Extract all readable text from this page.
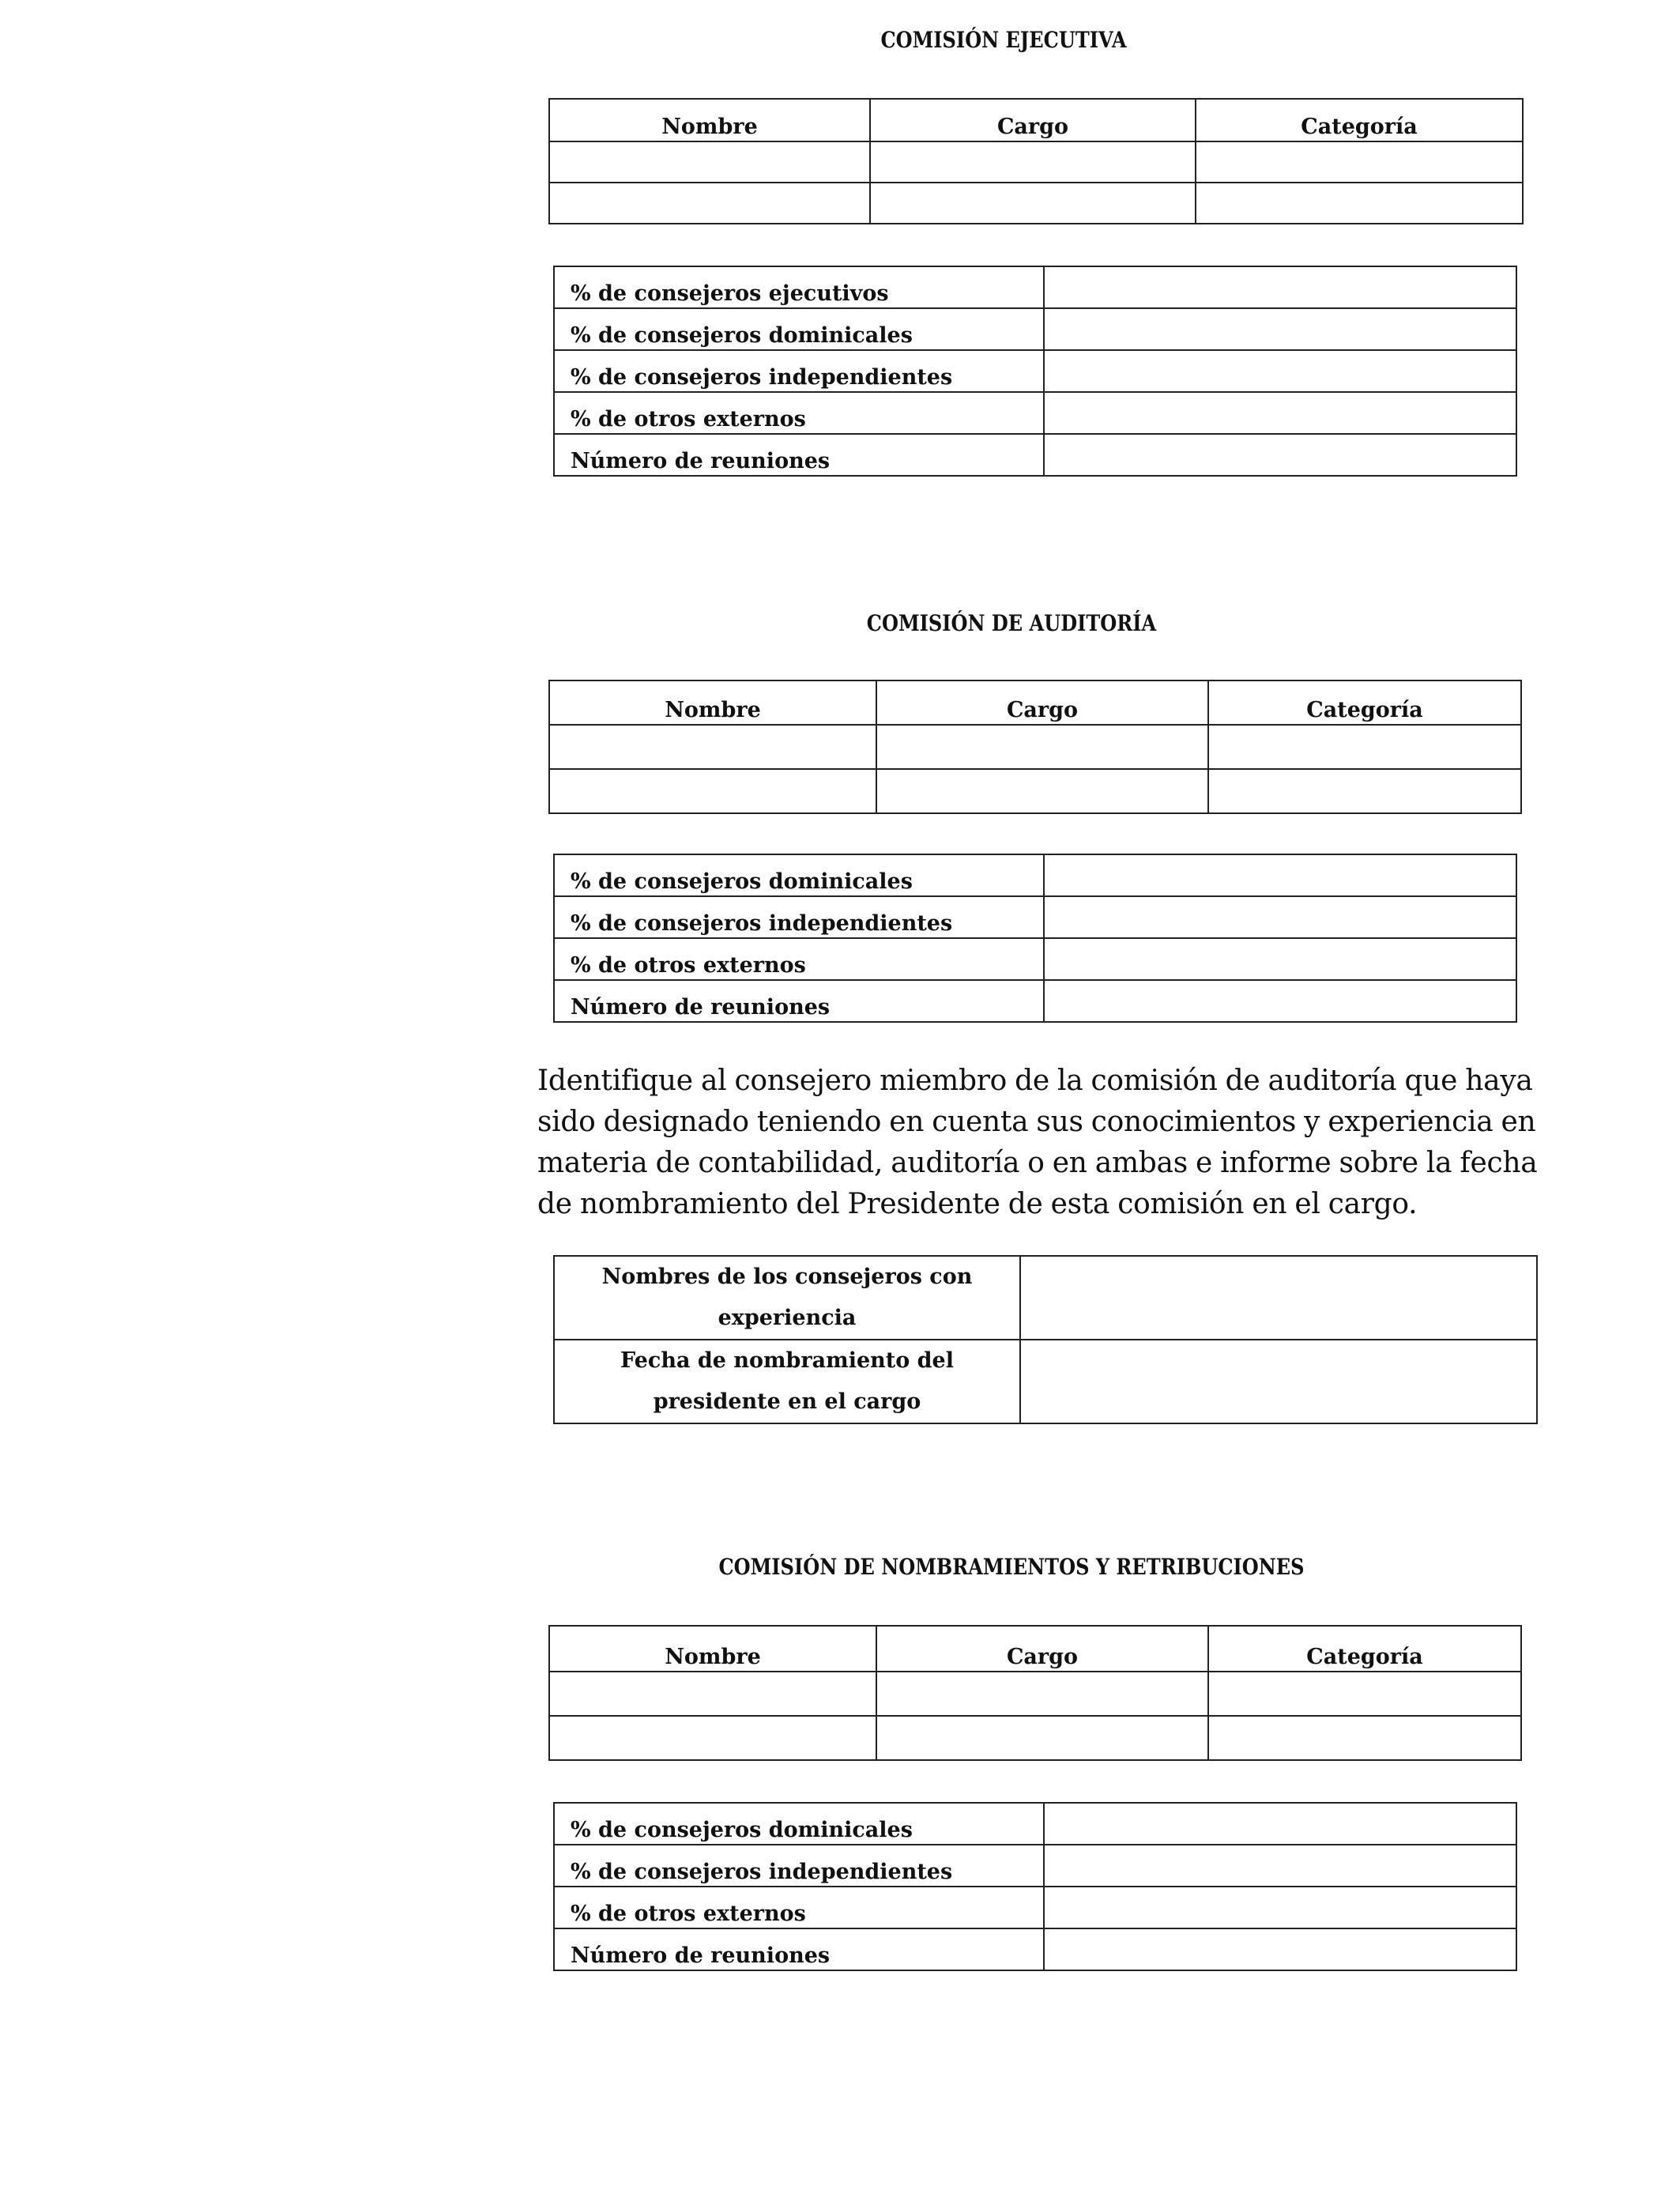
COMISIÓN EJECUTIVA
Nombre	Cargo	Categoría

% de consejeros ejecutivos	
% de consejeros dominicales	
% de consejeros independientes	
% de otros externos	
Número de reuniones	
COMISIÓN DE AUDITORÍA
Nombre	Cargo	Categoría

% de consejeros dominicales	
% de consejeros independientes	
% de otros externos	
Número de reuniones	
Identifique al consejero miembro de la comisión de auditoría que haya sido designado teniendo en cuenta sus conocimientos y experiencia en materia de contabilidad, auditoría o en ambas e informe sobre la fecha de nombramiento del Presidente de esta comisión en el cargo.
Nombres de los consejeros con experiencia	
Fecha de nombramiento del presidente en el cargo	
COMISIÓN DE NOMBRAMIENTOS Y RETRIBUCIONES
Nombre	Cargo	Categoría

% de consejeros dominicales	
% de consejeros independientes	
% de otros externos	
Número de reuniones	
